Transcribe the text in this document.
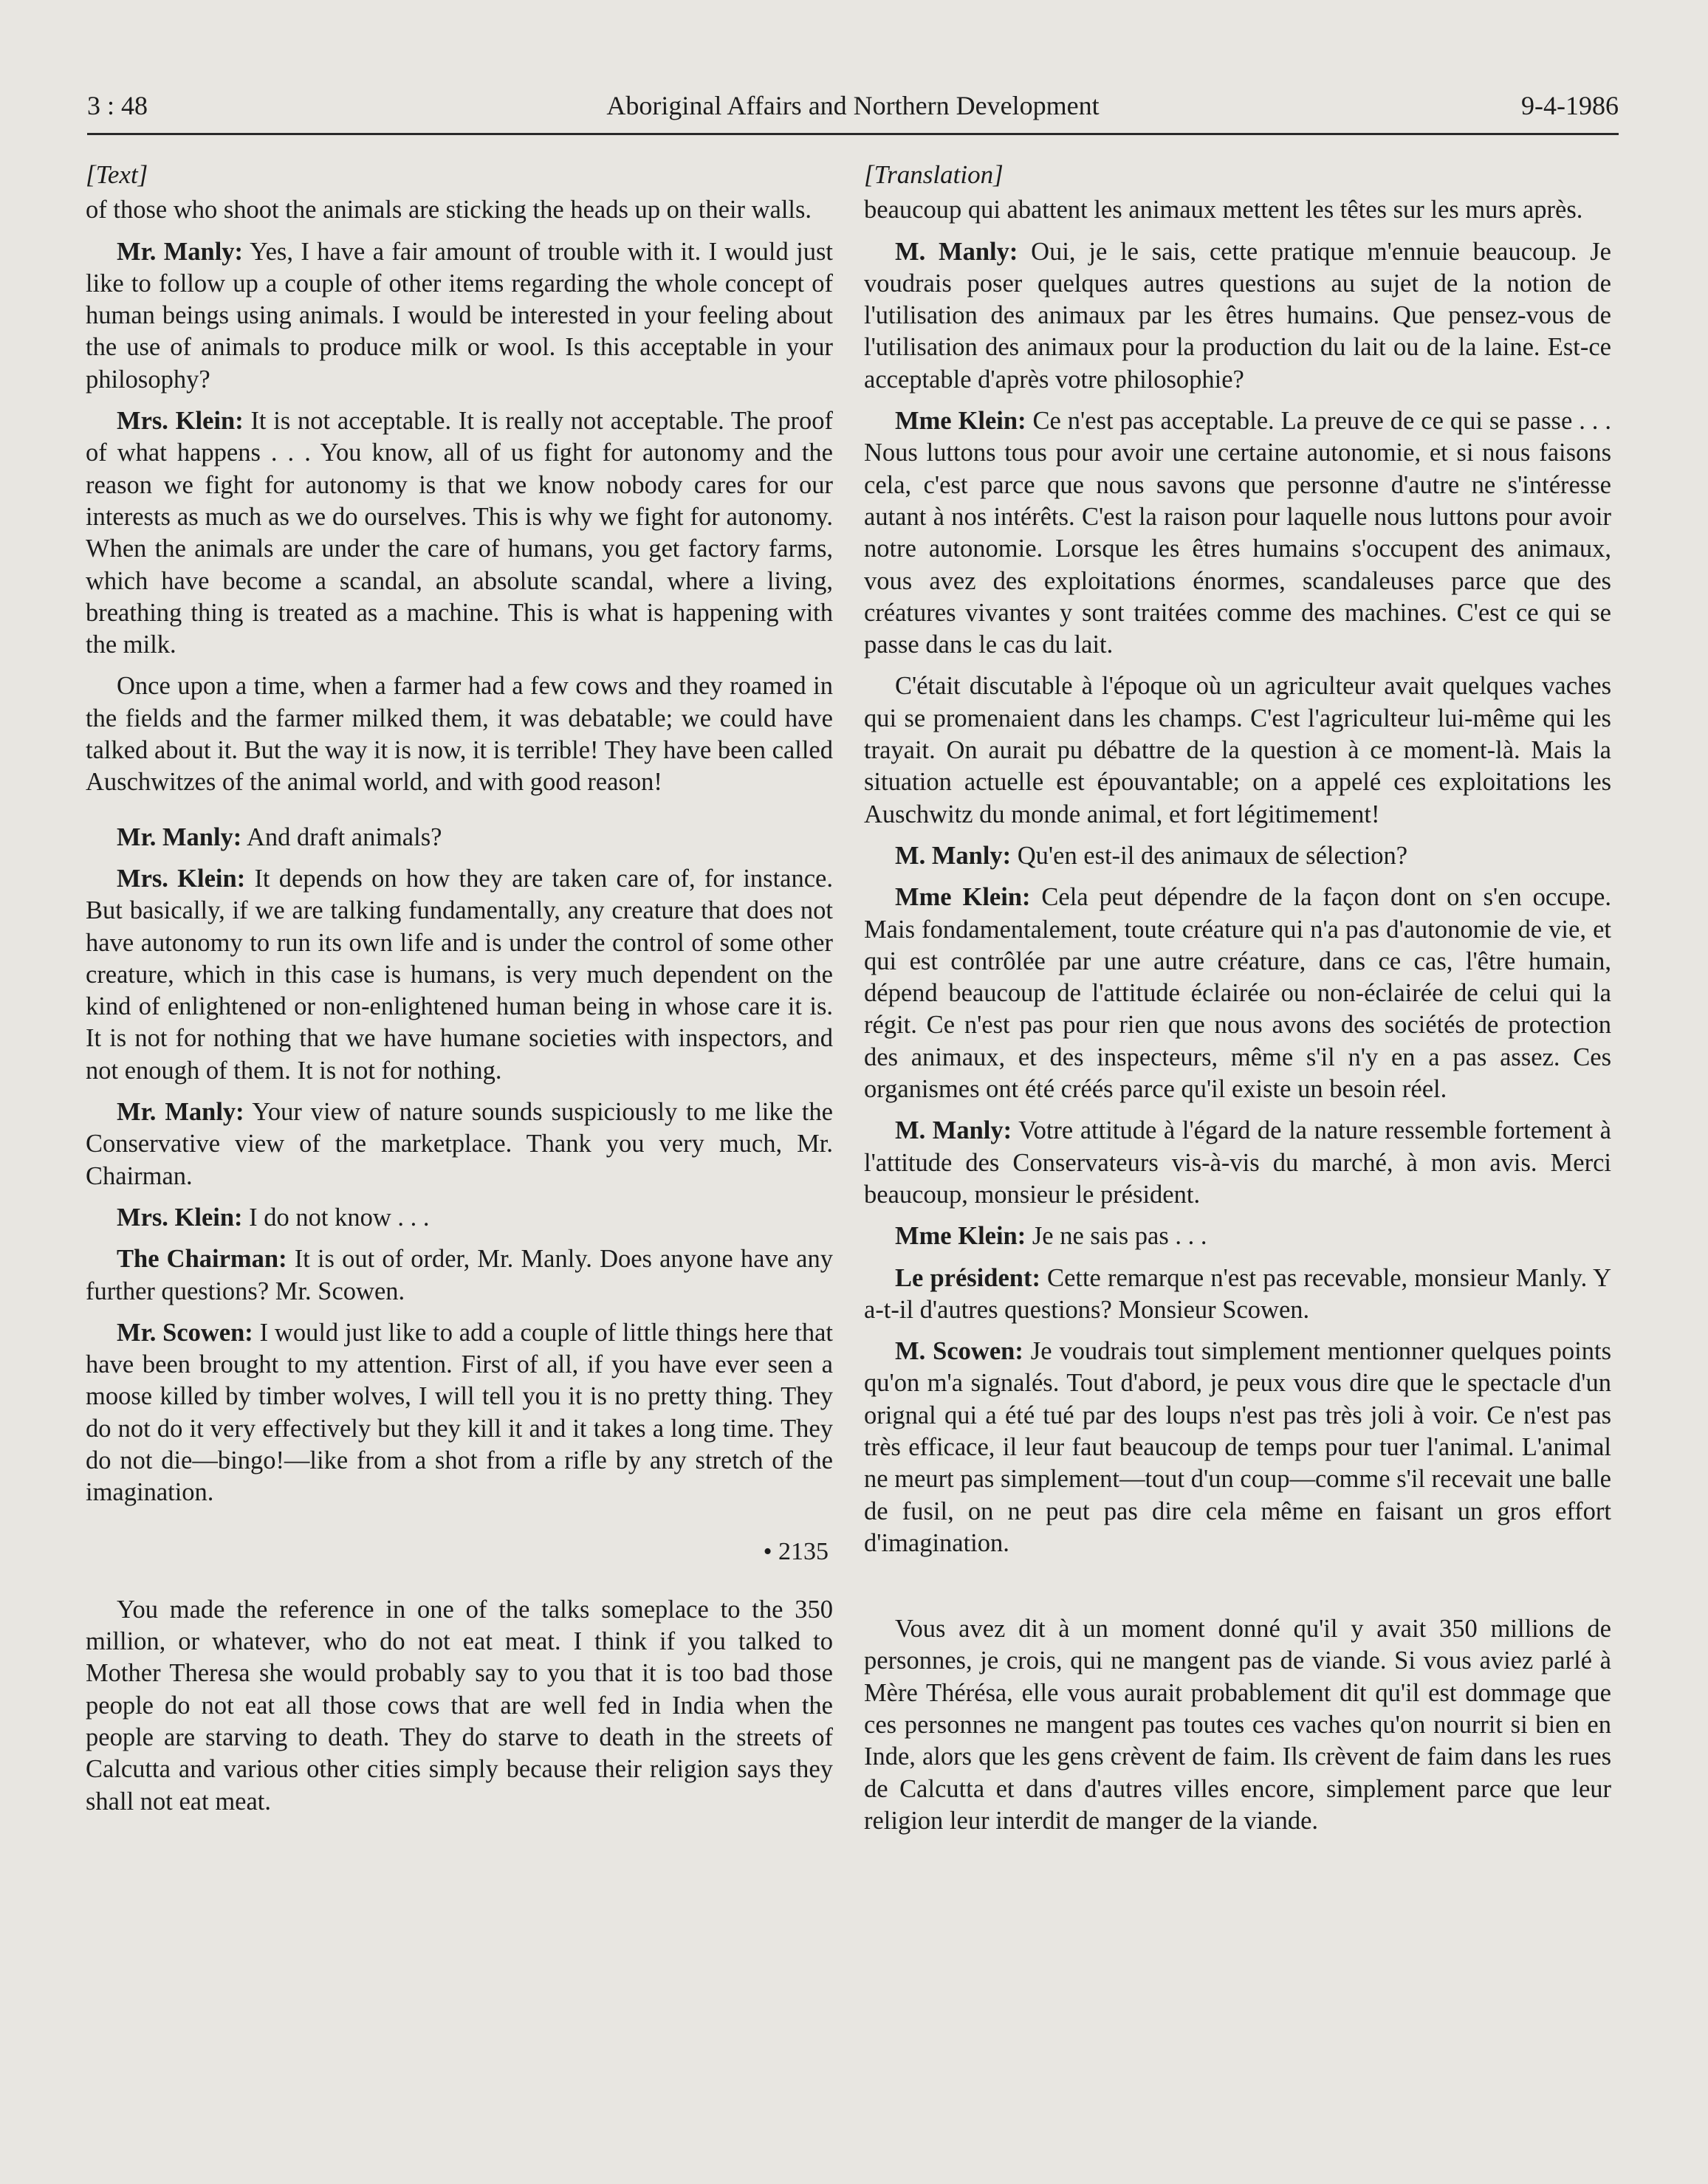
3 : 48	Aboriginal Affairs and Northern Development	9-4-1986
[Text]

of those who shoot the animals are sticking the heads up on their walls.

Mr. Manly: Yes, I have a fair amount of trouble with it. I would just like to follow up a couple of other items regarding the whole concept of human beings using animals. I would be interested in your feeling about the use of animals to produce milk or wool. Is this acceptable in your philosophy?

Mrs. Klein: It is not acceptable. It is really not acceptable. The proof of what happens . . . You know, all of us fight for autonomy and the reason we fight for autonomy is that we know nobody cares for our interests as much as we do ourselves. This is why we fight for autonomy. When the animals are under the care of humans, you get factory farms, which have become a scandal, an absolute scandal, where a living, breathing thing is treated as a machine. This is what is happening with the milk.

Once upon a time, when a farmer had a few cows and they roamed in the fields and the farmer milked them, it was debatable; we could have talked about it. But the way it is now, it is terrible! They have been called Auschwitzes of the animal world, and with good reason!

Mr. Manly: And draft animals?

Mrs. Klein: It depends on how they are taken care of, for instance. But basically, if we are talking fundamentally, any creature that does not have autonomy to run its own life and is under the control of some other creature, which in this case is humans, is very much dependent on the kind of enlightened or non-enlightened human being in whose care it is. It is not for nothing that we have humane societies with inspectors, and not enough of them. It is not for nothing.

Mr. Manly: Your view of nature sounds suspiciously to me like the Conservative view of the marketplace. Thank you very much, Mr. Chairman.

Mrs. Klein: I do not know . . .

The Chairman: It is out of order, Mr. Manly. Does anyone have any further questions? Mr. Scowen.

Mr. Scowen: I would just like to add a couple of little things here that have been brought to my attention. First of all, if you have ever seen a moose killed by timber wolves, I will tell you it is no pretty thing. They do not do it very effectively but they kill it and it takes a long time. They do not die—bingo!—like from a shot from a rifle by any stretch of the imagination.

• 2135

You made the reference in one of the talks someplace to the 350 million, or whatever, who do not eat meat. I think if you talked to Mother Theresa she would probably say to you that it is too bad those people do not eat all those cows that are well fed in India when the people are starving to death. They do starve to death in the streets of Calcutta and various other cities simply because their religion says they shall not eat meat.

[Translation]

beaucoup qui abattent les animaux mettent les têtes sur les murs après.

M. Manly: Oui, je le sais, cette pratique m'ennuie beaucoup. Je voudrais poser quelques autres questions au sujet de la notion de l'utilisation des animaux par les êtres humains. Que pensez-vous de l'utilisation des animaux pour la production du lait ou de la laine. Est-ce acceptable d'après votre philosophie?

Mme Klein: Ce n'est pas acceptable. La preuve de ce qui se passe . . . Nous luttons tous pour avoir une certaine autonomie, et si nous faisons cela, c'est parce que nous savons que personne d'autre ne s'intéresse autant à nos intérêts. C'est la raison pour laquelle nous luttons pour avoir notre autonomie. Lorsque les êtres humains s'occupent des animaux, vous avez des exploitations énormes, scandaleuses parce que des créatures vivantes y sont traitées comme des machines. C'est ce qui se passe dans le cas du lait.

C'était discutable à l'époque où un agriculteur avait quelques vaches qui se promenaient dans les champs. C'est l'agriculteur lui-même qui les trayait. On aurait pu débattre de la question à ce moment-là. Mais la situation actuelle est épouvantable; on a appelé ces exploitations les Auschwitz du monde animal, et fort légitimement!

M. Manly: Qu'en est-il des animaux de sélection?

Mme Klein: Cela peut dépendre de la façon dont on s'en occupe. Mais fondamentalement, toute créature qui n'a pas d'autonomie de vie, et qui est contrôlée par une autre créature, dans ce cas, l'être humain, dépend beaucoup de l'attitude éclairée ou non-éclairée de celui qui la régit. Ce n'est pas pour rien que nous avons des sociétés de protection des animaux, et des inspecteurs, même s'il n'y en a pas assez. Ces organismes ont été créés parce qu'il existe un besoin réel.

M. Manly: Votre attitude à l'égard de la nature ressemble fortement à l'attitude des Conservateurs vis-à-vis du marché, à mon avis. Merci beaucoup, monsieur le président.

Mme Klein: Je ne sais pas . . .

Le président: Cette remarque n'est pas recevable, monsieur Manly. Y a-t-il d'autres questions? Monsieur Scowen.

M. Scowen: Je voudrais tout simplement mentionner quelques points qu'on m'a signalés. Tout d'abord, je peux vous dire que le spectacle d'un orignal qui a été tué par des loups n'est pas très joli à voir. Ce n'est pas très efficace, il leur faut beaucoup de temps pour tuer l'animal. L'animal ne meurt pas simplement—tout d'un coup—comme s'il recevait une balle de fusil, on ne peut pas dire cela même en faisant un gros effort d'imagination.

Vous avez dit à un moment donné qu'il y avait 350 millions de personnes, je crois, qui ne mangent pas de viande. Si vous aviez parlé à Mère Thérésa, elle vous aurait probablement dit qu'il est dommage que ces personnes ne mangent pas toutes ces vaches qu'on nourrit si bien en Inde, alors que les gens crèvent de faim. Ils crèvent de faim dans les rues de Calcutta et dans d'autres villes encore, simplement parce que leur religion leur interdit de manger de la viande.
